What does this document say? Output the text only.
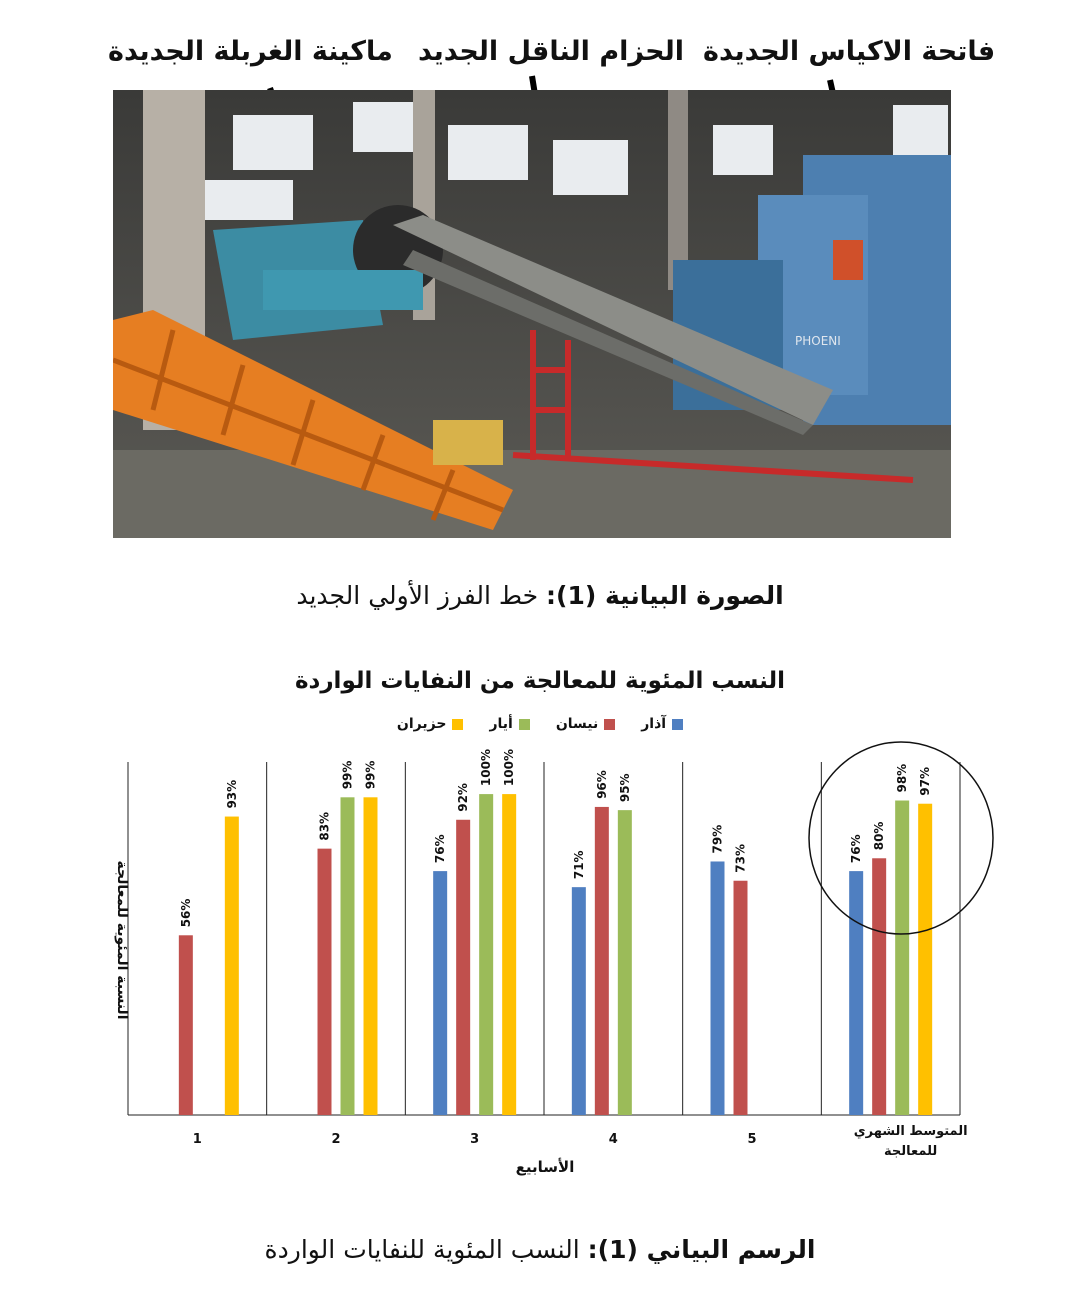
ماكينة الغربلة الجديدة الحزام الناقل الجديد فاتحة الاكياس الجديدة
PHOENI
الصورة البيانية (1): خط الفرز الأولي الجديد
النسب المئوية للمعالجة من النفايات الواردة
آذار
نيسان
أيار
حزيران
56%
93%
1
83%
99% 99%
2
76%
92%
100% 100%
3
71%
96% 95%
4
79%
73%
5
76% 80%
98% 97%
المتوسط الشهري
للمعالجة
الأسابيع
النسبة المئوية للمعالجة
الرسم البياني (1): النسب المئوية للنفايات الواردة
